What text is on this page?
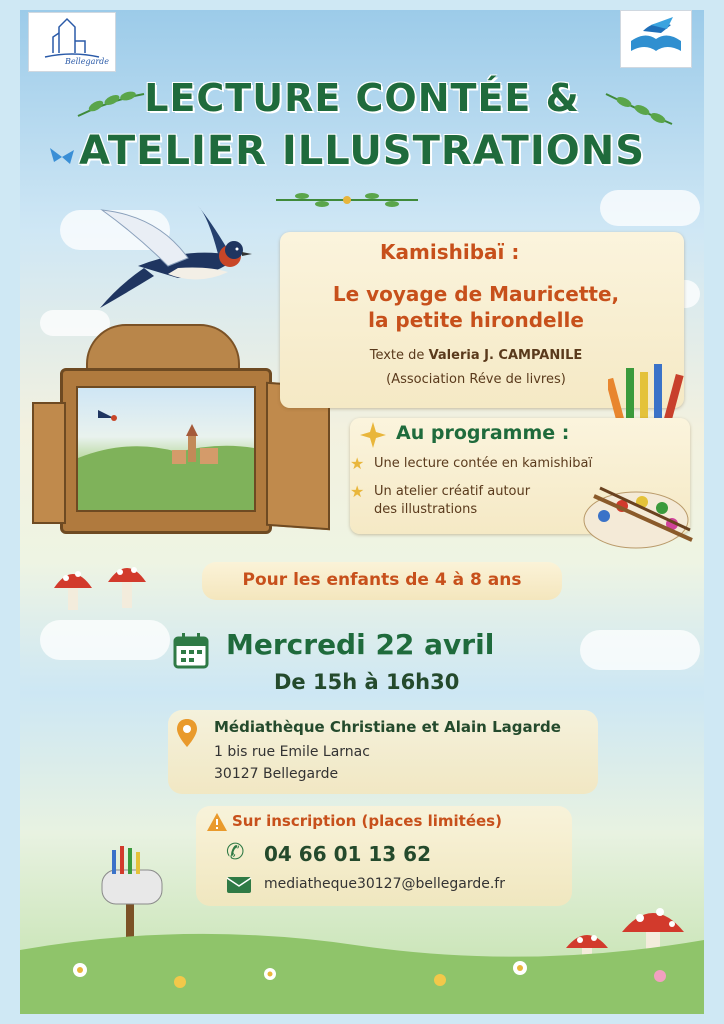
Bellegarde
LECTURE CONTÉE &
ATELIER ILLUSTRATIONS
Kamishibaï :
Le voyage de Mauricette,
la petite hirondelle
Texte de Valeria J. CAMPANILE
(Association Réve de livres)
Au programme :
★ Une lecture contée en kamishibaï
★ Un atelier créatif autour
des illustrations
Pour les enfants de 4 à 8 ans
Mercredi 22 avril
De 15h à 16h30
Médiathèque Christiane et Alain Lagarde
1 bis rue Emile Larnac
30127 Bellegarde
Sur inscription (places limitées)
✆ 04 66 01 13 62
mediatheque30127@bellegarde.fr
